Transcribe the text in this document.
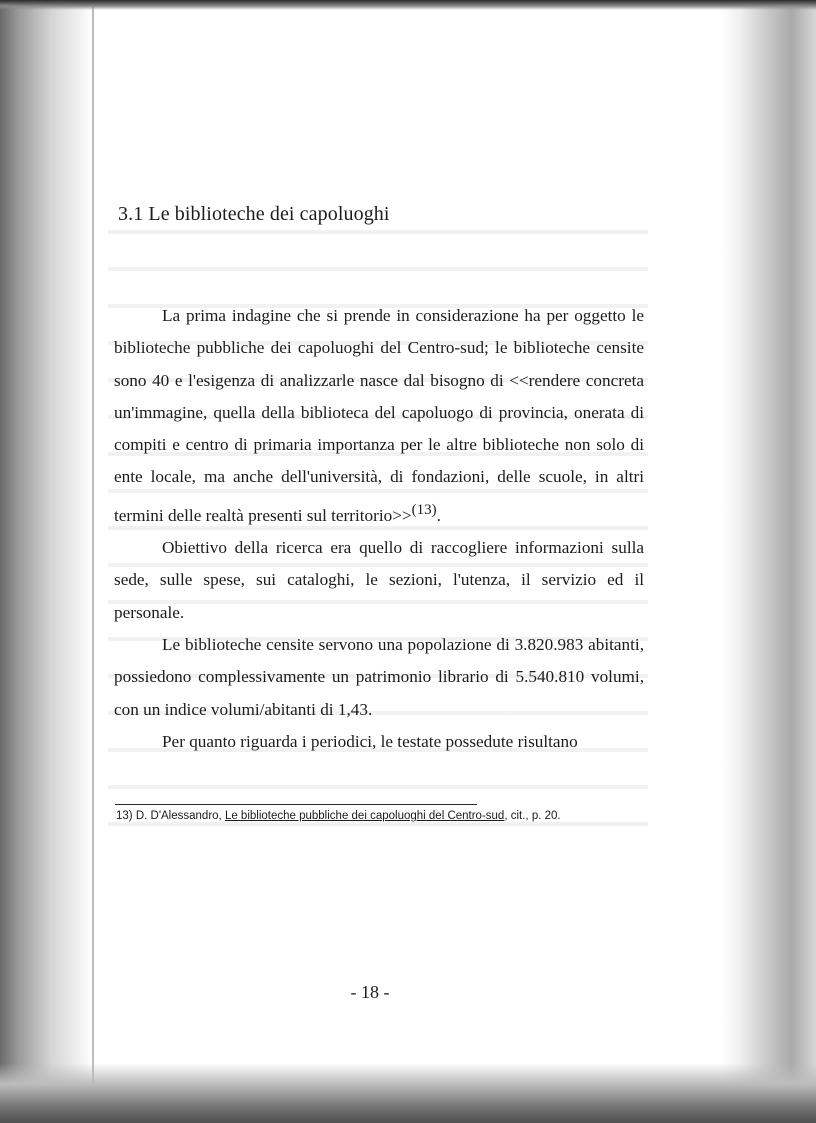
3.1 Le biblioteche dei capoluoghi

La prima indagine che si prende in considerazione ha per oggetto le biblioteche pubbliche dei capoluoghi del Centro-sud; le biblioteche censite sono 40 e l'esigenza di analizzarle nasce dal bisogno di <<rendere concreta un'immagine, quella della biblioteca del capoluogo di provincia, onerata di compiti e centro di primaria importanza per le altre biblioteche non solo di ente locale, ma anche dell'università, di fondazioni, delle scuole, in altri termini delle realtà presenti sul territorio>>(13).

Obiettivo della ricerca era quello di raccogliere informazioni sulla sede, sulle spese, sui cataloghi, le sezioni, l'utenza, il servizio ed il personale.

Le biblioteche censite servono una popolazione di 3.820.983 abitanti, possiedono complessivamente un patrimonio librario di 5.540.810 volumi, con un indice volumi/abitanti di 1,43.

Per quanto riguarda i periodici, le testate possedute risultano

13) D. D'Alessandro, Le biblioteche pubbliche dei capoluoghi del Centro-sud, cit., p. 20.

- 18 -
